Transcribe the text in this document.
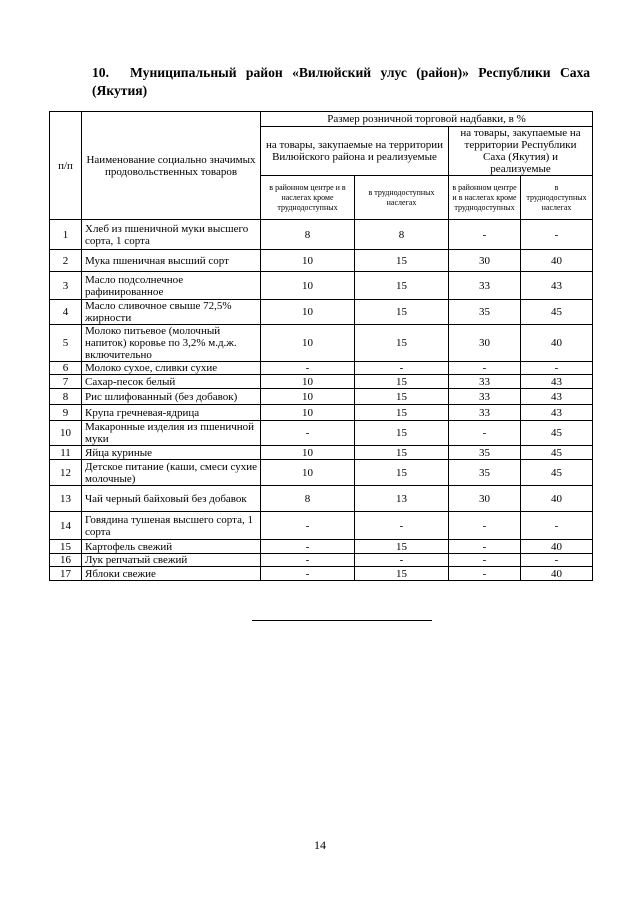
10. Муниципальный район «Вилюйский улус (район)» Республики Саха
(Якутия)
п/п	Наименование социально значимых продовольственных товаров	Размер розничной торговой надбавки, в %			
		на товары, закупаемые на территории Вилюйского района и реализуемые		на товары, закупаемые на территории Республики Саха (Якутия) и реализуемые	
		в районном центре и в наслегах кроме труднодоступных	в труднодоступных наслегах	в районном центре и в наслегах кроме труднодоступных	в труднодоступных наслегах
1	Хлеб из пшеничной муки высшего сорта, 1 сорта	8	8	-	-
2	Мука пшеничная высший сорт	10	15	30	40
3	Масло подсолнечное рафинированное	10	15	33	43
4	Масло сливочное свыше 72,5% жирности	10	15	35	45
5	Молоко питьевое (молочный напиток) коровье по 3,2% м.д.ж. включительно	10	15	30	40
6	Молоко сухое, сливки сухие	-	-	-	-
7	Сахар-песок белый	10	15	33	43
8	Рис шлифованный (без добавок)	10	15	33	43
9	Крупа гречневая-ядрица	10	15	33	43
10	Макаронные изделия из пшеничной муки	-	15	-	45
11	Яйца куриные	10	15	35	45
12	Детское питание (каши, смеси сухие молочные)	10	15	35	45
13	Чай черный байховый без добавок	8	13	30	40
14	Говядина тушеная высшего сорта, 1 сорта	-	-	-	-
15	Картофель свежий	-	15	-	40
16	Лук репчатый свежий	-	-	-	-
17	Яблоки свежие	-	15	-	40
14
